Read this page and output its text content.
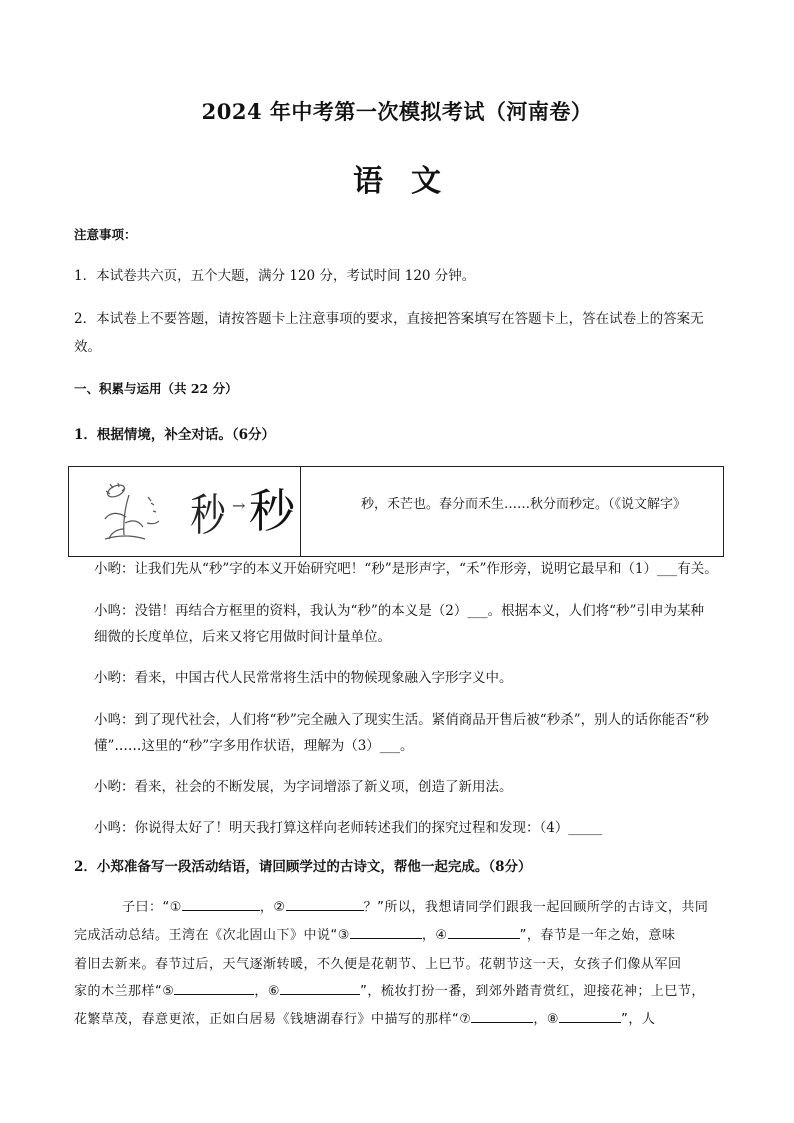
2024 年中考第一次模拟考试（河南卷）
语文
注意事项：
1．本试卷共六页，五个大题，满分 120 分，考试时间 120 分钟。
2．本试卷上不要答题，请按答题卡上注意事项的要求，直接把答案填写在答题卡上，答在试卷上的答案无
效。
一、积累与运用（共 22 分）
1．根据情境，补全对话。（6分）
秒 → 秒	秒，禾芒也。春分而禾生……秋分而秒定。（《说文解字》
小哟：让我们先从“秒”字的本义开始研究吧！“秒”是形声字，“禾”作形旁，说明它最早和（1）___有关。
小鸣：没错！再结合方框里的资料，我认为“秒”的本义是（2）___。根据本义，人们将“秒”引申为某种
细微的长度单位，后来又将它用做时间计量单位。
小哟：看来，中国古代人民常常将生活中的物候现象融入字形字义中。
小鸣：到了现代社会，人们将“秒”完全融入了现实生活。紧俏商品开售后被“秒杀”，别人的话你能否“秒
懂”……这里的“秒”字多用作状语，理解为（3）___。
小哟：看来，社会的不断发展，为字词增添了新义项，创造了新用法。
小鸣：你说得太好了！明天我打算这样向老师转述我们的探究过程和发现：（4）_____
2．小郑准备写一段活动结语，请回顾学过的古诗文，帮他一起完成。（8分）
子曰：“①	，②	？”所以，我想请同学们跟我一起回顾所学的古诗文，共同
完成活动总结。王湾在《次北固山下》中说“③	，④	”，春节是一年之始，意味
着旧去新来。春节过后，天气逐渐转暖，不久便是花朝节、上巳节。花朝节这一天，女孩子们像从军回
家的木兰那样“⑤	，⑥	”，梳妆打扮一番，到郊外踏青赏红，迎接花神；上巳节，
花繁草茂，春意更浓，正如白居易《钱塘湖春行》中描写的那样“⑦	，⑧	”，人
